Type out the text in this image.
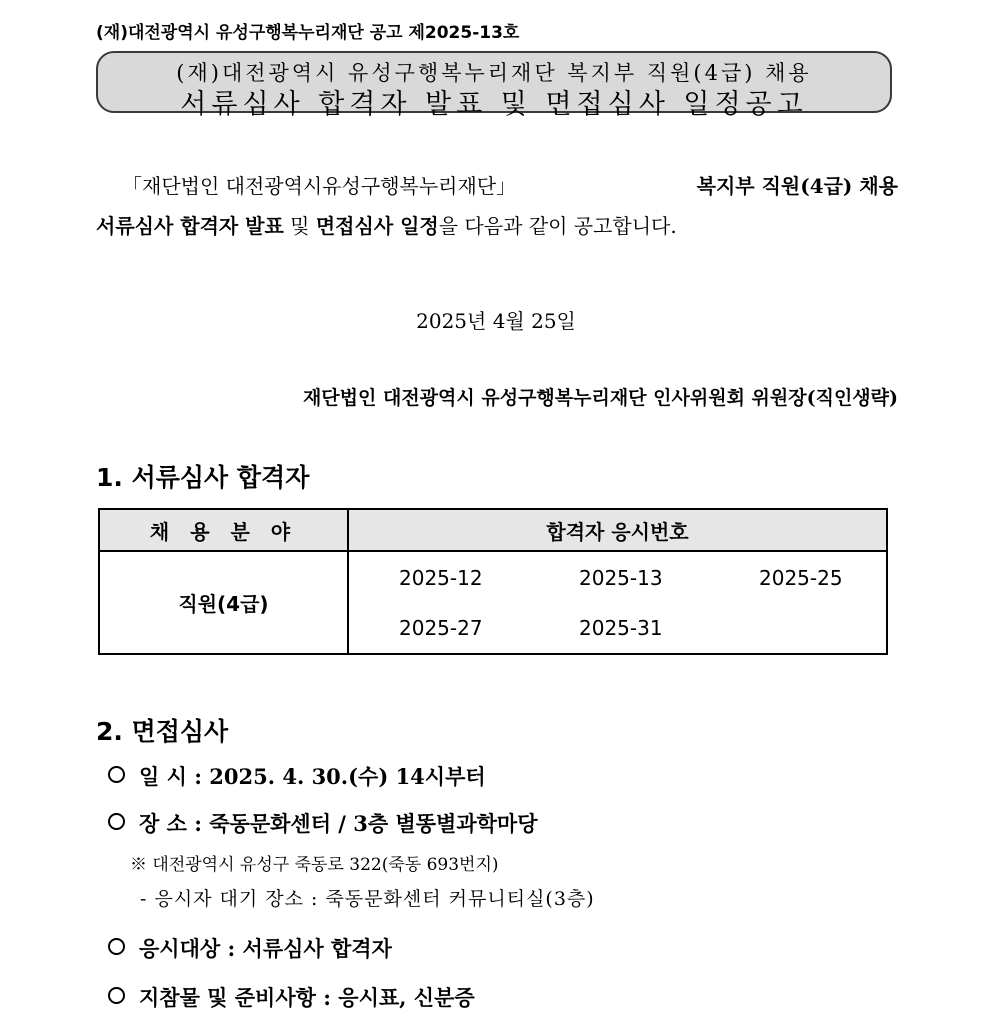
(재)대전광역시 유성구행복누리재단 공고 제2025-13호
(재)대전광역시 유성구행복누리재단 복지부 직원(4급) 채용
서류심사 합격자 발표 및 면접심사 일정공고
「재단법인 대전광역시유성구행복누리재단」	복지부 직원(4급) 채용
서류심사 합격자 발표 및 면접심사 일정을 다음과 같이 공고합니다.
2025년 4월 25일
재단법인 대전광역시 유성구행복누리재단 인사위원회 위원장(직인생략)
1. 서류심사 합격자
채 용 분 야	합격자 응시번호
직원(4급)	2025-12 2025-13 2025-25
2025-27 2025-31
2. 면접심사
일 시 : 2025. 4. 30.(수) 14시부터
장 소 : 죽동문화센터 / 3층 별똥별과학마당
※ 대전광역시 유성구 죽동로 322(죽동 693번지)
- 응시자 대기 장소 : 죽동문화센터 커뮤니티실(3층)
응시대상 : 서류심사 합격자
지참물 및 준비사항 : 응시표, 신분증
